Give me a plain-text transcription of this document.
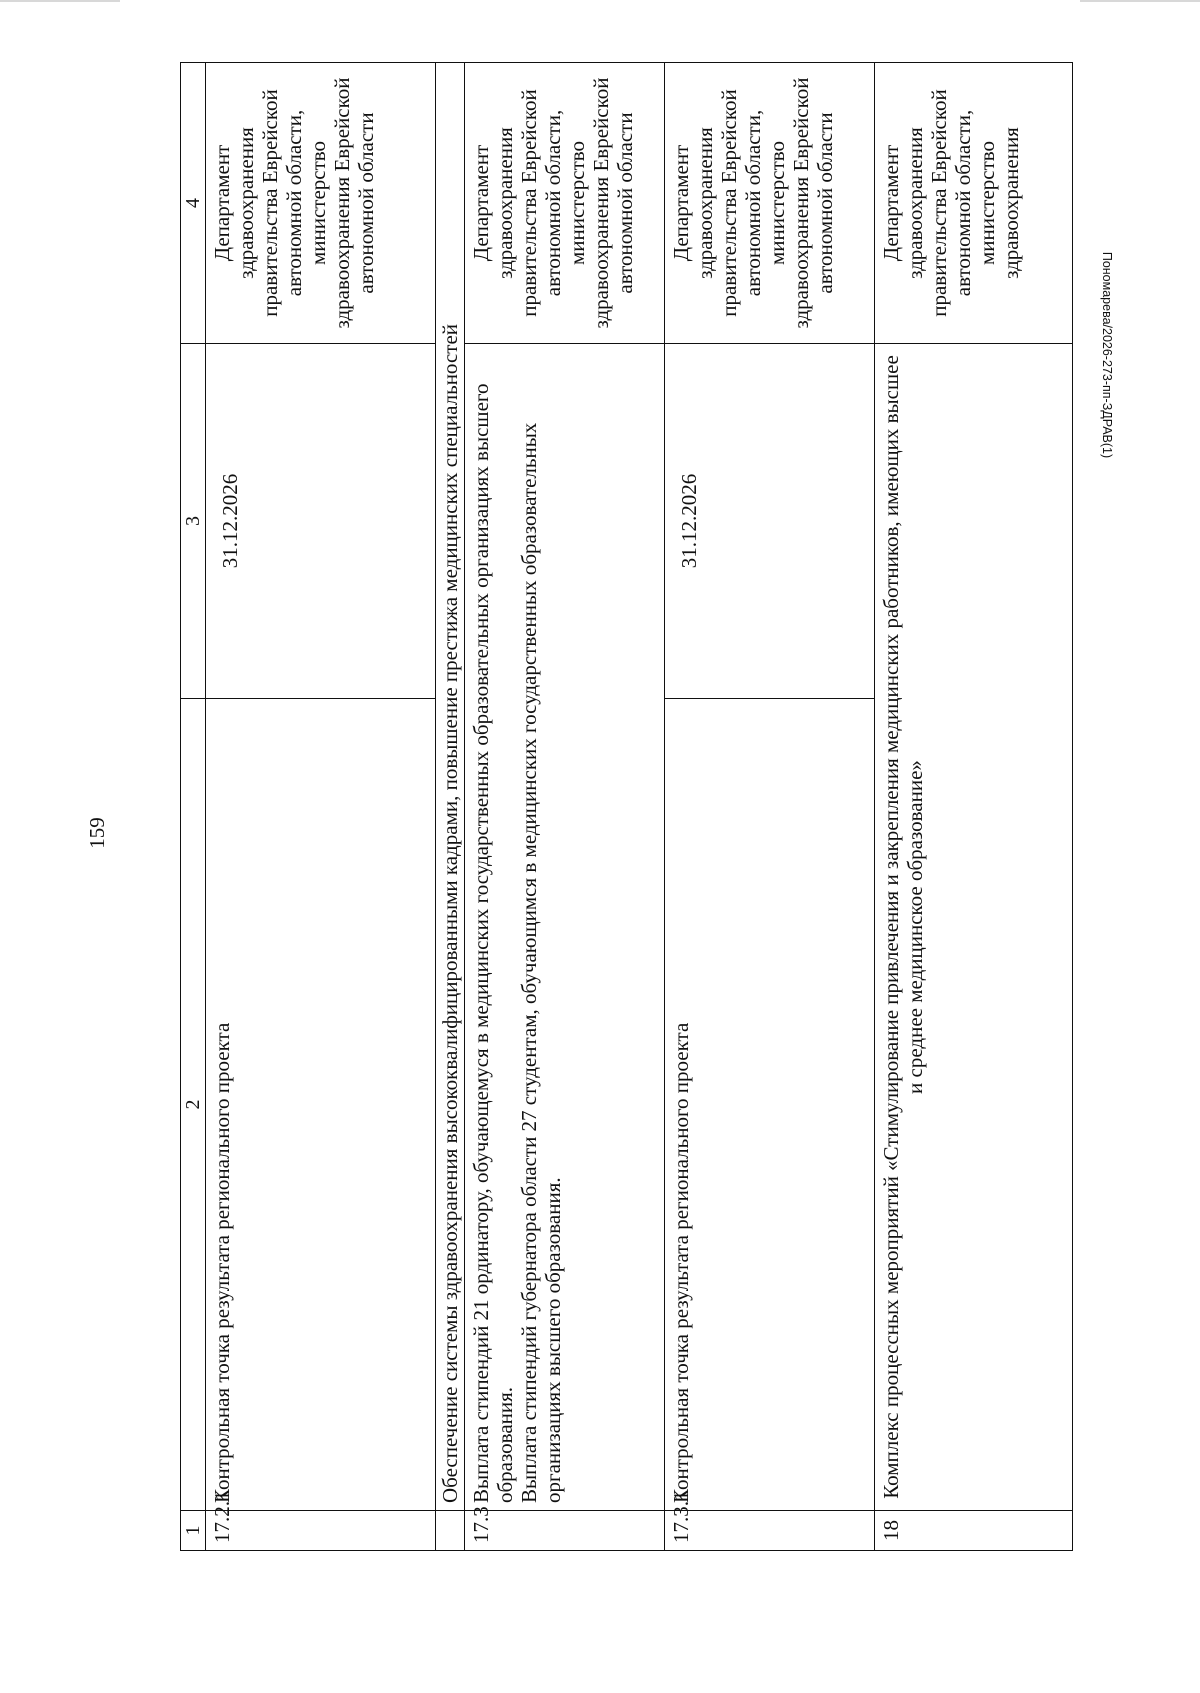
159
Пономарева/2026-273-пп-ЗДРАВ(1)
1	2	3	4
17.2.1	Контрольная точка результата регионального проекта	31.12.2026	Департамент здравоохранения правительства Еврейской автономной области, министерство здравоохранения Еврейской автономной области
	Обеспечение системы здравоохранения высококвалифицированными кадрами, повышение престижа медицинских специальностей		
17.3	Выплата стипендий 21 ординатору, обучающемуся в медицинских государственных образовательных организациях высшего образования. Выплата стипендий губернатора области 27 студентам, обучающимся в медицинских государственных образовательных организациях высшего образования.		Департамент здравоохранения правительства Еврейской автономной области, министерство здравоохранения Еврейской автономной области
17.3.1	Контрольная точка результата регионального проекта	31.12.2026	Департамент здравоохранения правительства Еврейской автономной области, министерство здравоохранения Еврейской автономной области
18	Комплекс процессных мероприятий «Стимулирование привлечения и закрепления медицинских работников, имеющих высшее и среднее медицинское образование»		Департамент здравоохранения правительства Еврейской автономной области, министерство здравоохранения
